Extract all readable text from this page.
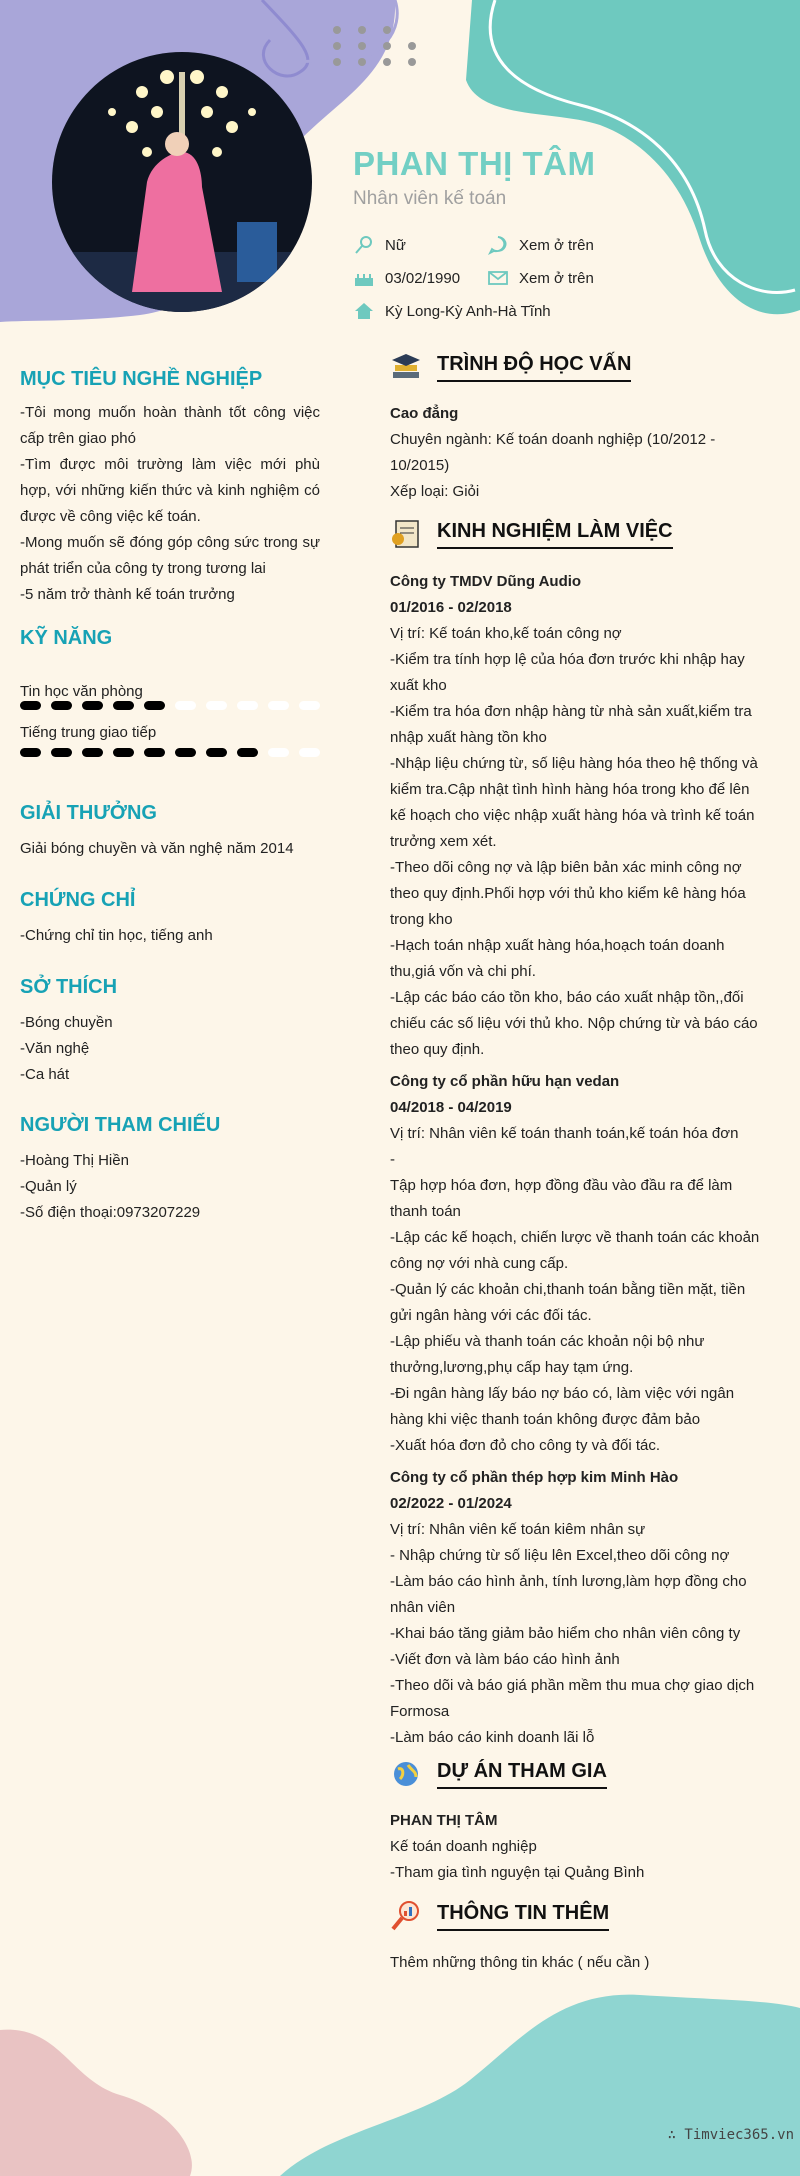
PHAN THỊ TÂM
Nhân viên kế toán
Nữ	Xem ở trên
03/02/1990	Xem ở trên
Kỳ Long-Kỳ Anh-Hà Tĩnh

MỤC TIÊU NGHỀ NGHIỆP

-Tôi mong muốn hoàn thành tốt công việc cấp trên giao phó

-Tìm được môi trường làm việc mới phù hợp, với những kiến thức và kinh nghiệm có được về công việc kế toán.

-Mong muốn sẽ đóng góp công sức trong sự phát triển của công ty trong tương lai

-5 năm trở thành kế toán trưởng

KỸ NĂNG

Tin học văn phòng

Tiếng trung giao tiếp

GIẢI THƯỞNG

Giải bóng chuyền và văn nghệ năm 2014

CHỨNG CHỈ

-Chứng chỉ tin học, tiếng anh

SỞ THÍCH

-Bóng chuyền

-Văn nghệ

-Ca hát

NGƯỜI THAM CHIẾU

-Hoàng Thị Hiền

-Quản lý

-Số điện thoại:0973207229

TRÌNH ĐỘ HỌC VẤN

Cao đẳng

Chuyên ngành: Kế toán doanh nghiệp (10/2012 - 10/2015)

Xếp loại: Giỏi

KINH NGHIỆM LÀM VIỆC

Công ty TMDV Dũng Audio

01/2016 - 02/2018

Vị trí: Kế toán kho,kế toán công nợ

-Kiểm tra tính hợp lệ của hóa đơn trước khi nhập hay xuất kho

-Kiểm tra hóa đơn nhập hàng từ nhà sản xuất,kiểm tra nhập xuất hàng tồn kho

-Nhập liệu chứng từ, số liệu hàng hóa theo hệ thống và kiểm tra.Cập nhật tình hình hàng hóa trong kho để lên kế hoạch cho việc nhập xuất hàng hóa và trình kế toán trưởng xem xét.

-Theo dõi công nợ và lập biên bản xác minh công nợ theo quy định.Phối hợp với thủ kho kiểm kê hàng hóa trong kho

-Hạch toán nhập xuất hàng hóa,hoạch toán doanh thu,giá vốn và chi phí.

-Lập các báo cáo tồn kho, báo cáo xuất nhập tồn,,đối chiếu các số liệu với thủ kho. Nộp chứng từ và báo cáo theo quy định.

Công ty cổ phần hữu hạn vedan

04/2018 - 04/2019

Vị trí: Nhân viên kế toán thanh toán,kế toán hóa đơn

-

Tập hợp hóa đơn, hợp đồng đầu vào đầu ra để làm thanh toán

-Lập các kế hoạch, chiến lược về thanh toán các khoản công nợ với nhà cung cấp.

-Quản lý các khoản chi,thanh toán bằng tiền mặt, tiền gửi ngân hàng với các đối tác.

-Lập phiếu và thanh toán các khoản nội bộ như thưởng,lương,phụ cấp hay tạm ứng.

-Đi ngân hàng lấy báo nợ báo có, làm việc với ngân hàng khi việc thanh toán không được đảm bảo

-Xuất hóa đơn đỏ cho công ty và đối tác.

Công ty cổ phần thép hợp kim Minh Hào

02/2022 - 01/2024

Vị trí: Nhân viên kế toán kiêm nhân sự

- Nhập chứng từ số liệu lên Excel,theo dõi công nợ

-Làm báo cáo hình ảnh, tính lương,làm hợp đồng cho nhân viên

-Khai báo tăng giảm bảo hiểm cho nhân viên công ty

-Viết đơn và làm báo cáo hình ảnh

-Theo dõi và báo giá phần mềm thu mua chợ giao dịch Formosa

-Làm báo cáo kinh doanh lãi lỗ

DỰ ÁN THAM GIA

PHAN THỊ TÂM

Kế toán doanh nghiệp

-Tham gia tình nguyện tại Quảng Bình

THÔNG TIN THÊM

Thêm những thông tin khác ( nếu cần )

∴ Timviec365.vn
